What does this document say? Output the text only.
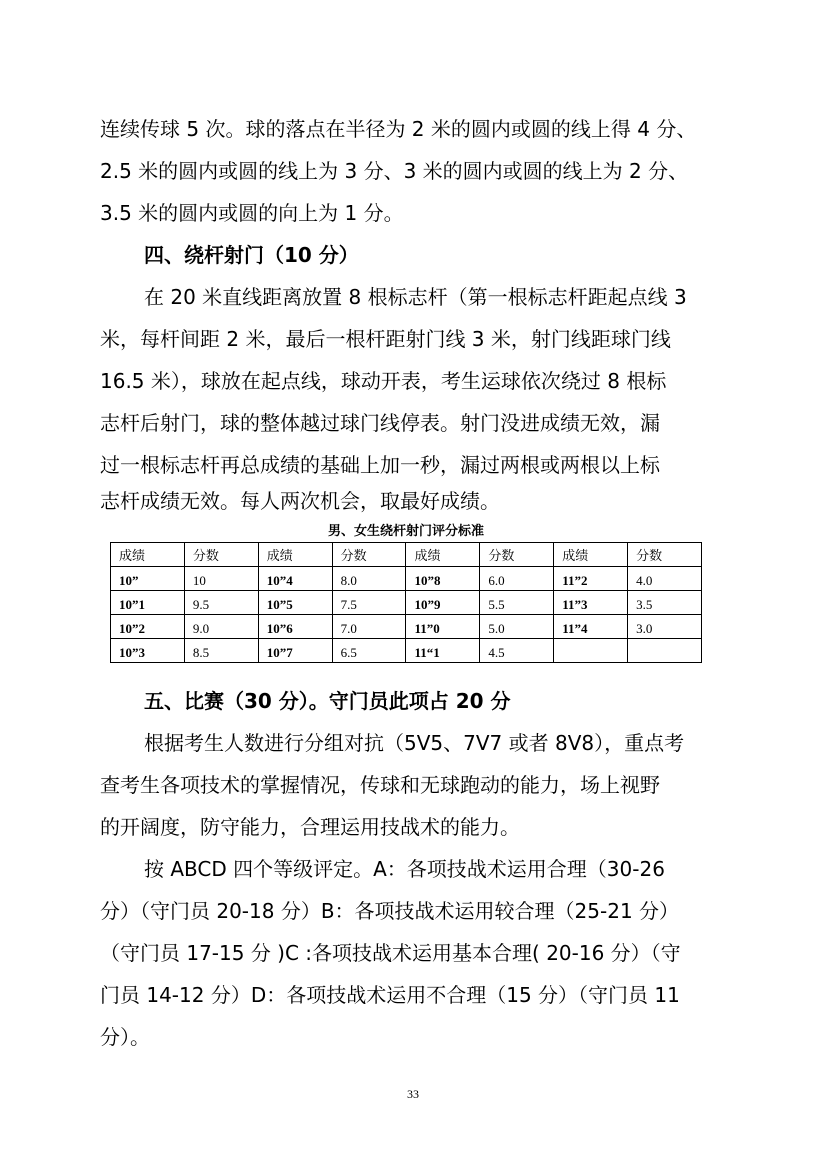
连续传球 5 次。球的落点在半径为 2 米的圆内或圆的线上得 4 分、
2.5 米的圆内或圆的线上为 3 分、3 米的圆内或圆的线上为 2 分、
3.5 米的圆内或圆的向上为 1 分。
四、绕杆射门（10 分）
在 20 米直线距离放置 8 根标志杆（第一根标志杆距起点线 3
米，每杆间距 2 米，最后一根杆距射门线 3 米，射门线距球门线
16.5 米），球放在起点线，球动开表，考生运球依次绕过 8 根标
志杆后射门，球的整体越过球门线停表。射门没进成绩无效，漏
过一根标志杆再总成绩的基础上加一秒，漏过两根或两根以上标
志杆成绩无效。每人两次机会，取最好成绩。
男、女生绕杆射门评分标准
成绩	分数	成绩	分数	成绩	分数	成绩	分数
10”	10	10”4	8.0	10”8	6.0	11”2	4.0
10”1	9.5	10”5	7.5	10”9	5.5	11”3	3.5
10”2	9.0	10”6	7.0	11”0	5.0	11”4	3.0
10”3	8.5	10”7	6.5	11“1	4.5		
五、比赛（30 分）。守门员此项占 20 分
根据考生人数进行分组对抗（5V5、7V7 或者 8V8），重点考
查考生各项技术的掌握情况，传球和无球跑动的能力，场上视野
的开阔度，防守能力，合理运用技战术的能力。
按 ABCD 四个等级评定。A：各项技战术运用合理（30-26
分）（守门员 20-18 分）B：各项技战术运用较合理（25-21 分）
（守门员 17-15 分 )C :各项技战术运用基本合理( 20-16 分）（守
门员 14-12 分）D：各项技战术运用不合理（15 分）（守门员 11
分）。
33
